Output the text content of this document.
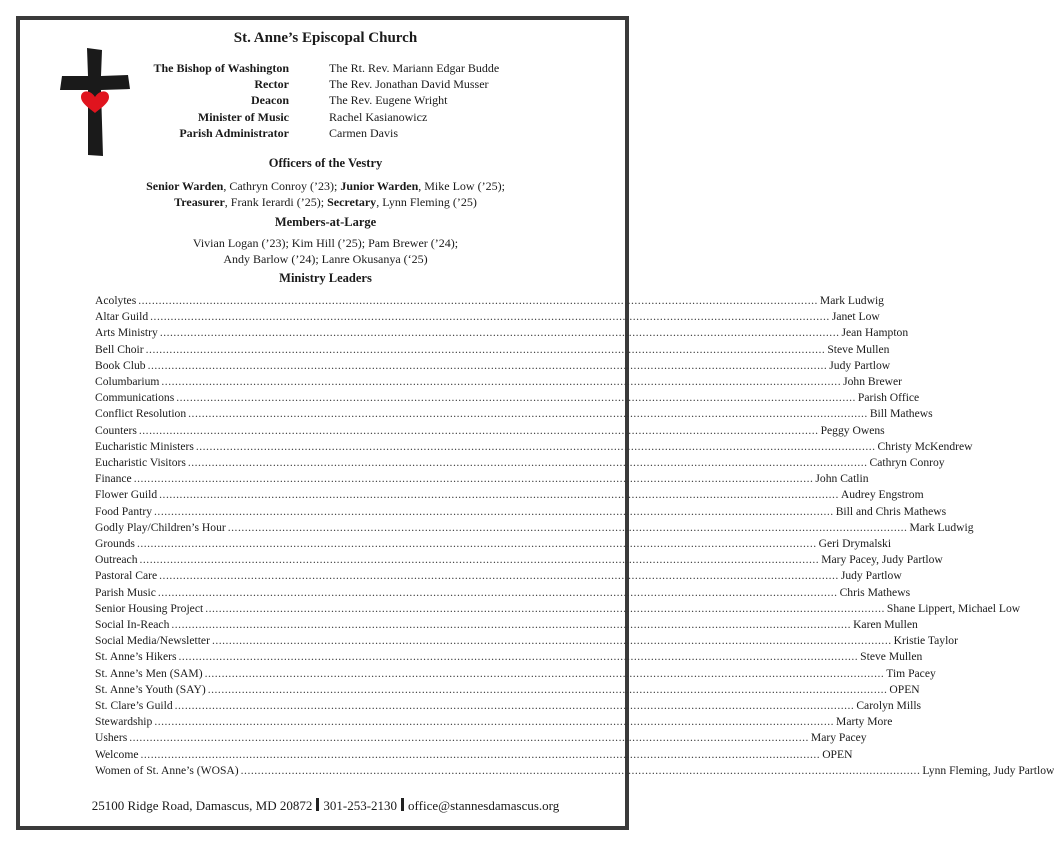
St. Anne’s Episcopal Church
The Bishop of Washington	The Rt. Rev. Mariann Edgar Budde
Rector	The Rev. Jonathan David Musser
Deacon	The Rev. Eugene Wright
Minister of Music	Rachel Kasianowicz
Parish Administrator	Carmen Davis
Officers of the Vestry
Senior Warden, Cathryn Conroy (’23); Junior Warden, Mike Low (’25);
Treasurer, Frank Ierardi (’25); Secretary, Lynn Fleming (’25)
Members-at-Large
Vivian Logan (’23); Kim Hill (’25); Pam Brewer (’24);
Andy Barlow (’24); Lanre Okusanya (‘25)
Ministry Leaders
Acolytes ........................................................................................................................................................................................................ Mark Ludwig
Altar Guild ........................................................................................................................................................................................................ Janet Low
Arts Ministry ........................................................................................................................................................................................................ Jean Hampton
Bell Choir ........................................................................................................................................................................................................ Steve Mullen
Book Club ........................................................................................................................................................................................................ Judy Partlow
Columbarium ........................................................................................................................................................................................................ John Brewer
Communications ........................................................................................................................................................................................................ Parish Office
Conflict Resolution ........................................................................................................................................................................................................ Bill Mathews
Counters ........................................................................................................................................................................................................ Peggy Owens
Eucharistic Ministers ........................................................................................................................................................................................................ Christy McKendrew
Eucharistic Visitors ........................................................................................................................................................................................................ Cathryn Conroy
Finance ........................................................................................................................................................................................................ John Catlin
Flower Guild ........................................................................................................................................................................................................ Audrey Engstrom
Food Pantry ........................................................................................................................................................................................................ Bill and Chris Mathews
Godly Play/Children’s Hour ........................................................................................................................................................................................................ Mark Ludwig
Grounds ........................................................................................................................................................................................................ Geri Drymalski
Outreach ........................................................................................................................................................................................................ Mary Pacey, Judy Partlow
Pastoral Care ........................................................................................................................................................................................................ Judy Partlow
Parish Music ........................................................................................................................................................................................................ Chris Mathews
Senior Housing Project ........................................................................................................................................................................................................ Shane Lippert, Michael Low
Social In-Reach ........................................................................................................................................................................................................ Karen Mullen
Social Media/Newsletter ........................................................................................................................................................................................................ Kristie Taylor
St. Anne’s Hikers ........................................................................................................................................................................................................ Steve Mullen
St. Anne’s Men (SAM) ........................................................................................................................................................................................................ Tim Pacey
St. Anne’s Youth (SAY) ........................................................................................................................................................................................................ OPEN
St. Clare’s Guild ........................................................................................................................................................................................................ Carolyn Mills
Stewardship ........................................................................................................................................................................................................ Marty More
Ushers ........................................................................................................................................................................................................ Mary Pacey
Welcome ........................................................................................................................................................................................................ OPEN
Women of St. Anne’s (WOSA) ........................................................................................................................................................................................................ Lynn Fleming, Judy Partlow
25100 Ridge Road, Damascus, MD 20872 301-253-2130 office@stannesdamascus.org
